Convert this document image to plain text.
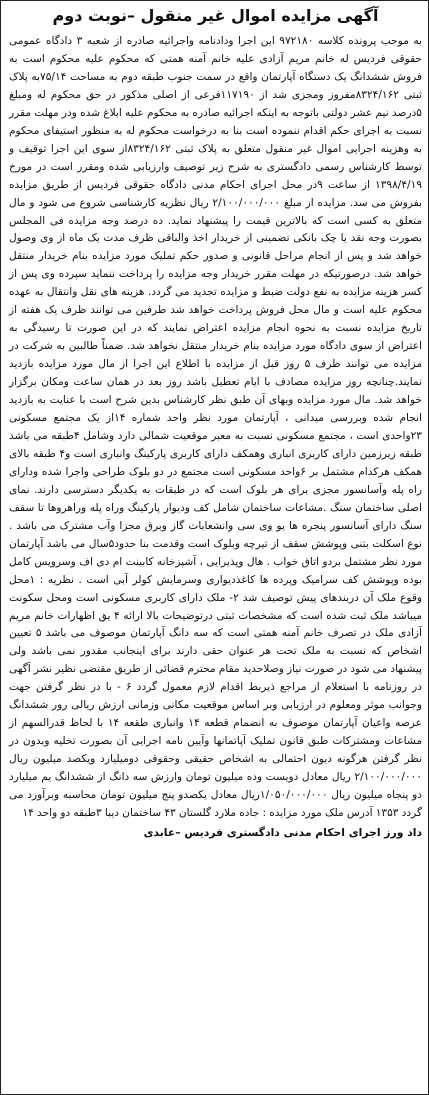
آگهی مزایده اموال غیر منقول –نوبت دوم

به موجب پرونده کلاسه ۹۷۲۱۸۰ این اجرا ودادنامه واجرائیه صادره از شعبه ۳ دادگاه عمومی حقوقی فردیس له خانم مریم آزادی علیه خانم آمنه همتی که محکوم علیه محکوم است به فروش ششدانگ یک دستگاه آپارتمان واقع در سمت جنوب طبقه دوم به مساحت ۷۵/۱۴به پلاک ثبتی ۸۳۲۴/۱۶۲مفروز ومجزی شد از ۱۱۷۱۹۰فرعی از اصلی مذکور در حق محکوم له ومبلغ ۵درصد نیم عشر دولتی باتوجه به اینکه اجرائیه صادره به محکوم علیه ابلاغ شده ودر مهلت مقرر نسبت به اجرای حکم اقدام ننموده است بنا به درخواست محکوم له به منظور استیفای محکوم به وهزینه اجرایی اموال غیر منقول متعلق به پلاک ثبتی ۸۳۲۴/۱۶۲از سوی این اجرا توقیف و توسط کارشناس رسمی دادگستری به شرح زیر توصیف وارزیابی شده ومقرر است در مورخ ۱۳۹۸/۴/۱۹ از ساعت ۹در محل اجرای احکام مدنی دادگاه حقوقی فردیس از طریق مزایده بفروش می سد. مزایده از مبلغ ۲/۱۰۰/۰۰۰/۰۰۰ ریال نظریه کارشناسی شروع می شود و مال متعلق به کسی است که بالاترین قیمت را پیشنهاد نماید. ده درصد وجه مزایده فی المجلس بصورت وجه نقد یا چک بانکی تضمینی از خریدار اخذ والباقی ظرف مدت یک ماه از وی وصول خواهد شد و پس از انجام مراحل قانونی و صدور حکم تملیک مورد مزایده بنام خریدار منتقل خواهد شد. درصورتیکه در مهلت مقرر خریدار وجه مزایده را پرداخت ننماید سپرده وی پس از کسر هزینه مزایده به نفع دولت ضبط و مزایده تجدید می گردد. هزینه های نقل وانتقال به عهده محکوم علیه است و مال محل فروش پرداخت خواهد شد طرفین می توانند ظرف یک هفته از تاریخ مزایده نسبت به نحوه انجام مزایده اعتراض نمایند که در این صورت تا رسیدگی به اعتراض از سوی دادگاه مورد مزایده بنام خریدار منتقل نخواهد شد. ضمناً طالبین به شرکت در مزایده می توانند ظرف ۵ روز قبل از مزایده با اطلاع این اجرا از مال مورد مزایده بازدید نمایند.چنانچه روز مزایده مصادف با ایام تعطیل باشد روز بعد در همان ساعت ومکان برگزار خواهد شد. مال مورد مزایده وبهای آن طبق نظر کارشناس بدین شرح است با عنایت به بازدید انجام شده وبررسی میدانی ، آپارتمان مورد نظر واحد شماره ۱۴از یک مجتمع مسکونی ۲۳واحدی است ، مجتمع مسکونی نسبت به معبر موقعیت شمالی دارد وشامل ۴طبقه می باشد طبقه زیرزمین دارای کاربری انباری وهمکف دارای کاربری پارکینگ وانباری است و۴ طبقه بالای همکف هرکدام مشتمل بر ۶واحد مسکونی است مجتمع در دو بلوک طراحی واجرا شده ودارای راه پله وآسانسور مجزی برای هر بلوک است که در طبقات به یکدیگر دسترسی دارند. نمای اصلی ساختمان سنگ .مشاعات ساختمان شامل کف ودیوار پارکینگ وراه پله وراهروها تا سقف سنگ دارای آسانسور پنجره ها یو وی سی وانشعابات گاز وبرق مجزا وآب مشترک می باشد . نوع اسکلت بتنی وپوشش سقف از تیرچه وبلوک است وقدمت بنا حدود۵سال می باشد آپارتمان مورد نظر مشتمل بردو اتاق خواب . هال وپذیرایی ، آشپزخانه کابینت ام دی اف وسرویس کامل بوده وپوشش کف سرامیک وپرده ها کاغذدیواری وسرمایش کولر آبی است . نظریه : ۱محل وقوع ملک آن دربندهای پیش توصیف شد ۲- ملک دارای کاربری مسکونی است ومحل سکونت میباشد ملک ثبت شده است که مشخصات ثبتی درتوضیحات بالا ارائه ۴ یق اظهارات خانم مریم آزادی ملک در تصرف خانم آمنه همتی است که سه دانگ آپارتمان موصوف می باشد ۵ تعیین اشخاص که نسبت به ملک تحت هر عنوان حقی دارند برای اینجانب مقدور نمی باشد ولی پیشنهاد می شود در صورت نیاز وصلاحدید مقام محترم قضائی از طریق مقتضی نظیر نشر آگهی در روزنامه با استعلام از مراجع ذیربط اقدام لازم معمول گردد ۶ - با در نظر گرفتن جهت وجوانب موثر ومعلوم در ارزیابی وبر اساس موقعیت مکانی وزمانی ارزش ریالی رور ششدانگ عرصه واعیان آپارتمان موصوف به انضمام قطعه ۱۴ وانباری طقعه ۱۴ با لحاظ قدرالسهم از مشاعات ومشترکات طبق قانون تملیک آپاتمانها وآیین نامه اجرایی آن بصورت تخلیه وبدون در نظر گرفتن هرگونه دیون احتمالی به اشخاص حقیقی وحقوقی دومیلیارد ویکصد میلیون ریال ۲/۱۰۰/۰۰۰/۰۰۰ ریال معادل دویست وده میلیون تومان وارزش سه دانگ از ششدانگ یم میلیارد دو پنجاه میلیون ریال ۱/۰۵۰/۰۰۰/۰۰۰ریال معادل یکصدو پنج میلیون تومان محاسبه وبرآورد می گردد ۱۳۵۳ آدرس ملک مورد مزایده : جاده ملارد گلستان ۴۳ ساختمان دیبا ۳طبقه دو واحد ۱۴

داد ورز اجرای احکام مدنی دادگستری فردیس –عابدی
